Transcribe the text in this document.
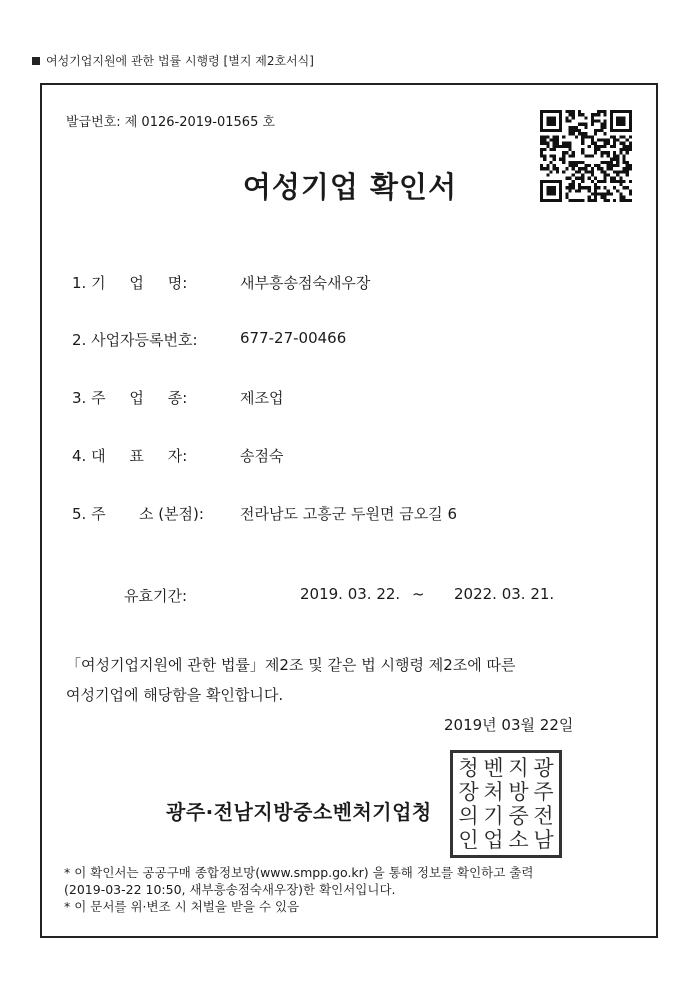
여성기업지원에 관한 법률 시행령 [별지 제2호서식]
발급번호: 제 0126-2019-01565 호
여성기업 확인서
1. 기     업     명:	새부흥송점숙새우장
2. 사업자등록번호:	677-27-00466
3. 주     업     종:	제조업
4. 대     표     자:	송점숙
5. 주       소 (본점): 전라남도 고흥군 두원면 금오길 6
유효기간:	2019. 03. 22. ~ 2022. 03. 21.
「여성기업지원에 관한 법률」제2조 및 같은 법 시행령 제2조에 따른
여성기업에 해당함을 확인합니다.
2019년 03월 22일
광주·전남지방중소벤처기업청
청 벤 지 광
장 처 방 주
의 기 중 전
인 업 소 남
* 이 확인서는 공공구매 종합정보망(www.smpp.go.kr) 을 통해 정보를 확인하고 출력
(2019-03-22 10:50, 새부흥송점숙새우장)한 확인서입니다.
* 이 문서를 위·변조 시 처벌을 받을 수 있음
